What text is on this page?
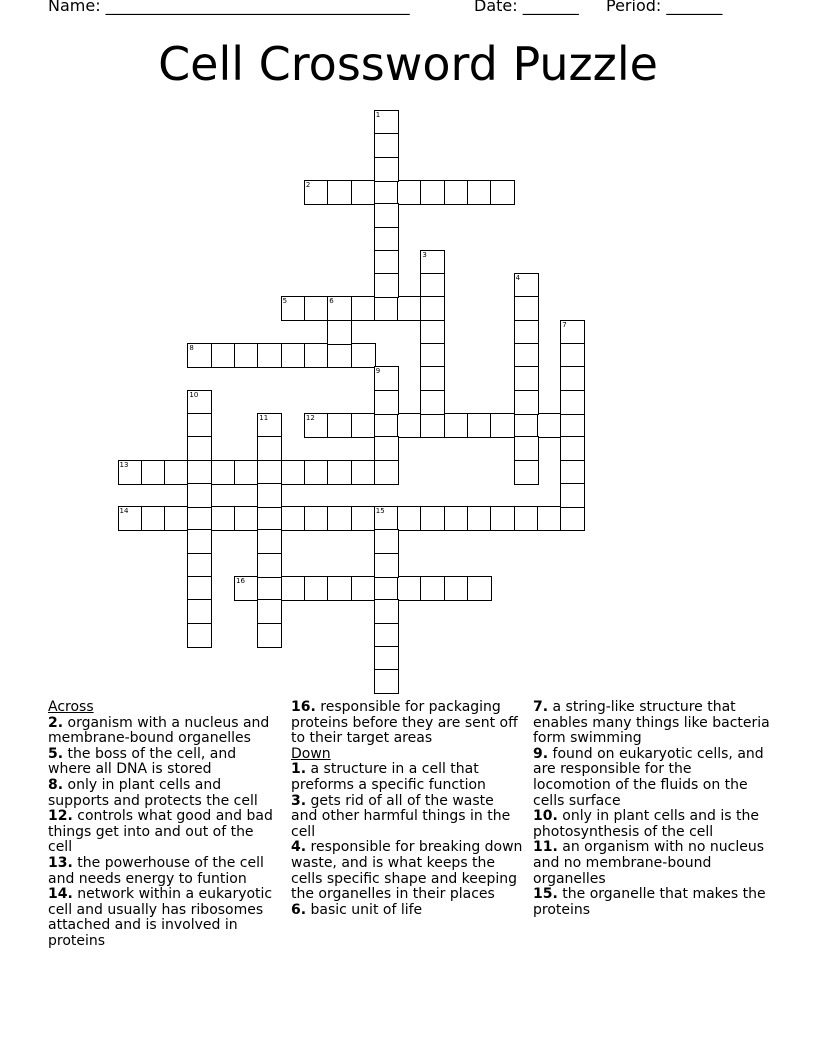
Name: ______________________________________	Date: _______ Period: _______
Cell Crossword Puzzle
2
5	6
8
12
13
14	15
16
1
3
4
7
9
10
11
Across
2. organism with a nucleus and membrane-bound organelles
5. the boss of the cell, and where all DNA is stored
8. only in plant cells and supports and protects the cell
12. controls what good and bad things get into and out of the cell
13. the powerhouse of the cell and needs energy to funtion
14. network within a eukaryotic cell and usually has ribosomes attached and is involved in proteins
16. responsible for packaging proteins before they are sent off to their target areas
Down
1. a structure in a cell that preforms a specific function
3. gets rid of all of the waste and other harmful things in the cell
4. responsible for breaking down waste, and is what keeps the cells specific shape and keeping the organelles in their places
6. basic unit of life
7. a string-like structure that enables many things like bacteria form swimming
9. found on eukaryotic cells, and are responsible for the locomotion of the fluids on the cells surface
10. only in plant cells and is the photosynthesis of the cell
11. an organism with no nucleus and no membrane-bound organelles
15. the organelle that makes the proteins
